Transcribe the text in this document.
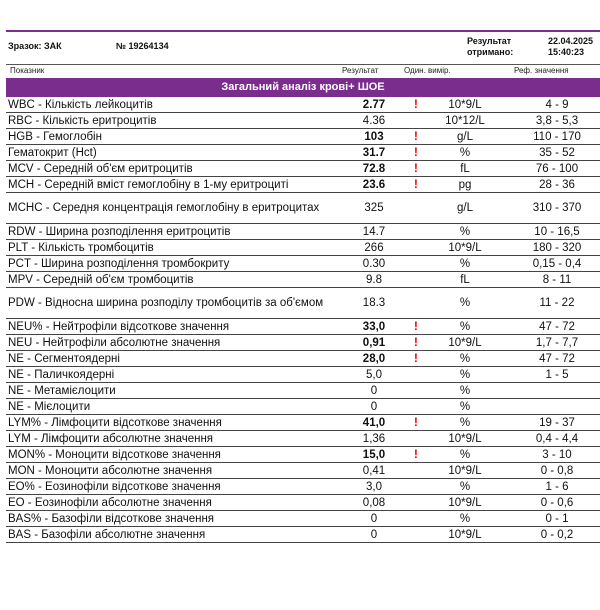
Зразок: ЗАК	№ 19264134	Результат
отримано:
22.04.2025
15:40:23
Показник	Результат	Один. вимір.	Реф. значення
Загальний аналіз крові+ ШОЕ
WBC - Кількість лейкоцитів	2.77	!	10*9/L	4 - 9
RBC - Кількість еритроцитів	4.36		10*12/L	3,8 - 5,3
HGB - Гемоглобін	103	!	g/L	110 - 170
Гематокрит (Hct)	31.7	!	%	35 - 52
MCV - Середній об'єм еритроцитів	72.8	!	fL	76 - 100
MCH - Середній вміст гемоглобіну в 1-му еритроциті	23.6	!	pg	28 - 36
MCHC - Середня концентрація гемоглобіну в еритроцитах	325		g/L	310 - 370
RDW - Ширина розподілення еритроцитів	14.7		%	10 - 16,5
PLT - Кількість тромбоцитів	266		10*9/L	180 - 320
PCT - Ширина розподілення тромбокриту	0.30		%	0,15 - 0,4
MPV - Середній об'єм тромбоцитів	9.8		fL	8 - 11
PDW - Відносна ширина розподілу тромбоцитів за об'ємом	18.3		%	11 - 22
NEU% - Нейтрофіли відсоткове значення	33,0	!	%	47 - 72
NEU - Нейтрофіли абсолютне значення	0,91	!	10*9/L	1,7 - 7,7
NE - Сегментоядерні	28,0	!	%	47 - 72
NE - Паличкоядерні	5,0		%	1 - 5
NE - Метамієлоцити	0		%	
NE - Мієлоцити	0		%	
LYM% - Лімфоцити відсоткове значення	41,0	!	%	19 - 37
LYM - Лімфоцити абсолютне значення	1,36		10*9/L	0,4 - 4,4
MON% - Моноцити відсоткове значення	15,0	!	%	3 - 10
MON - Моноцити абсолютне значення	0,41		10*9/L	0 - 0,8
EO% - Еозинофіли відсоткове значення	3,0		%	1 - 6
EO - Еозинофіли абсолютне значення	0,08		10*9/L	0 - 0,6
BAS% - Базофіли відсоткове значення	0		%	0 - 1
BAS - Базофіли абсолютне значення	0		10*9/L	0 - 0,2
